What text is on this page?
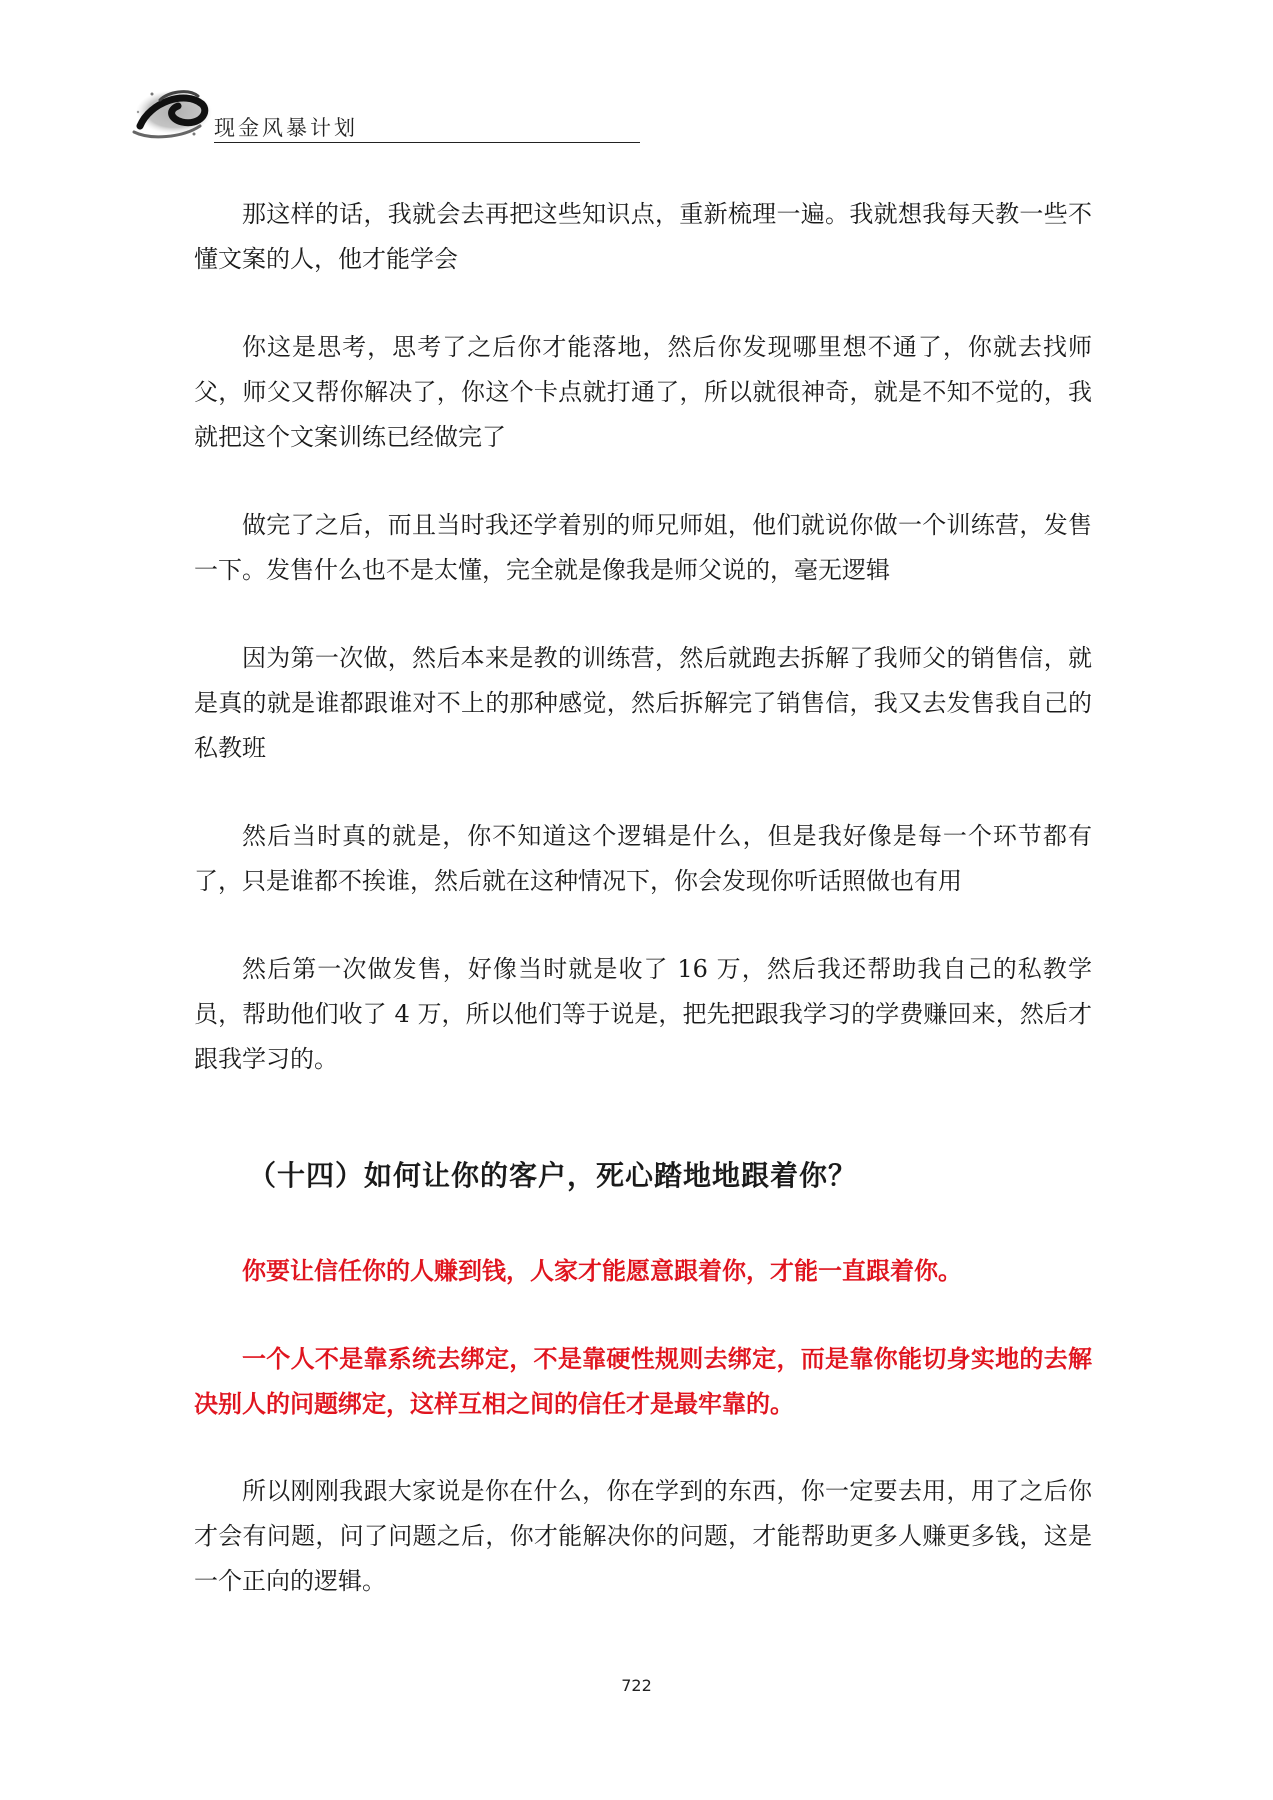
现金风暴计划

那这样的话，我就会去再把这些知识点，重新梳理一遍。我就想我每天教一些不懂文案的人，他才能学会

你这是思考，思考了之后你才能落地，然后你发现哪里想不通了，你就去找师父，师父又帮你解决了，你这个卡点就打通了，所以就很神奇，就是不知不觉的，我就把这个文案训练已经做完了

做完了之后，而且当时我还学着别的师兄师姐，他们就说你做一个训练营，发售一下。发售什么也不是太懂，完全就是像我是师父说的，毫无逻辑

因为第一次做，然后本来是教的训练营，然后就跑去拆解了我师父的销售信，就是真的就是谁都跟谁对不上的那种感觉，然后拆解完了销售信，我又去发售我自己的私教班

然后当时真的就是，你不知道这个逻辑是什么，但是我好像是每一个环节都有了，只是谁都不挨谁，然后就在这种情况下，你会发现你听话照做也有用

然后第一次做发售，好像当时就是收了 16 万，然后我还帮助我自己的私教学员，帮助他们收了 4 万，所以他们等于说是，把先把跟我学习的学费赚回来，然后才跟我学习的。

（十四）如何让你的客户，死心踏地地跟着你？

你要让信任你的人赚到钱，人家才能愿意跟着你，才能一直跟着你。

一个人不是靠系统去绑定，不是靠硬性规则去绑定，而是靠你能切身实地的去解决别人的问题绑定，这样互相之间的信任才是最牢靠的。

所以刚刚我跟大家说是你在什么，你在学到的东西，你一定要去用，用了之后你才会有问题，问了问题之后，你才能解决你的问题，才能帮助更多人赚更多钱，这是一个正向的逻辑。

722
